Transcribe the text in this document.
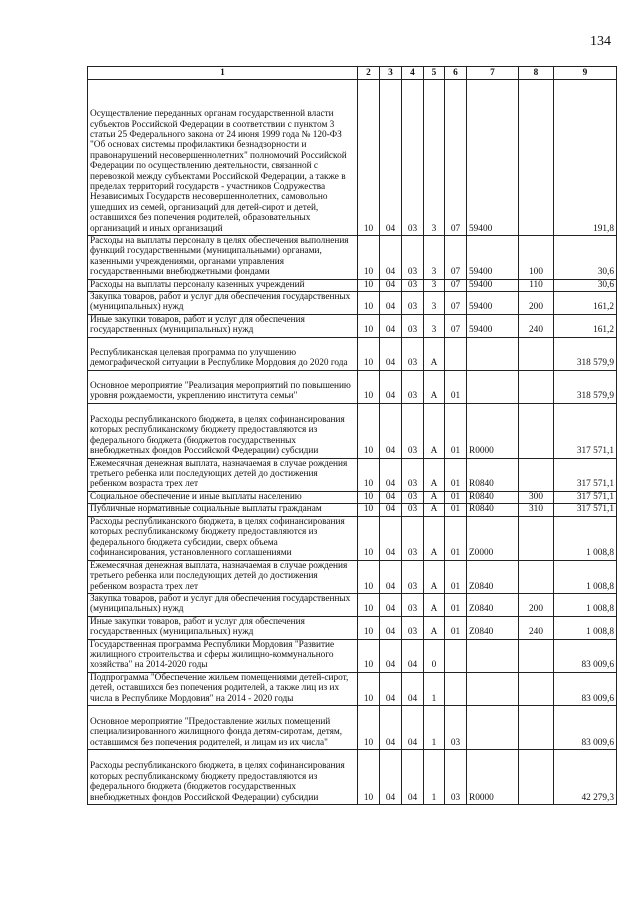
134
1	2	3	4	5	6	7	8	9
Осуществление переданных органам государственной власти субъектов Российской Федерации в соответствии с пунктом 3 статьи 25 Федерального закона от 24 июня 1999 года № 120-ФЗ "Об основах системы профилактики безнадзорности и правонарушений несовершеннолетних" полномочий Российской Федерации по осуществлению деятельности, связанной с перевозкой между субъектами Российской Федерации, а также в пределах территорий государств - участников Содружества Независимых Государств несовершеннолетних, самовольно ушедших из семей, организаций для детей-сирот и детей, оставшихся без попечения родителей, образовательных организаций и иных организаций	10	04	03	3	07	59400		191,8
Расходы на выплаты персоналу в целях обеспечения выполнения функций государственными (муниципальными) органами, казенными учреждениями, органами управления государственными внебюджетными фондами	10	04	03	3	07	59400	100	30,6
Расходы на выплаты персоналу казенных учреждений	10	04	03	3	07	59400	110	30,6
Закупка товаров, работ и услуг для обеспечения государственных (муниципальных) нужд	10	04	03	3	07	59400	200	161,2
Иные закупки товаров, работ и услуг для обеспечения государственных (муниципальных) нужд	10	04	03	3	07	59400	240	161,2
Республиканская целевая программа по улучшению демографической ситуации в Республике Мордовия до 2020 года	10	04	03	А				318 579,9
Основное мероприятие "Реализация мероприятий по повышению уровня рождаемости, укреплению института семьи"	10	04	03	А	01			318 579,9
Расходы республиканского бюджета, в целях софинансирования которых республиканскому бюджету предоставляются из федерального бюджета (бюджетов государственных внебюджетных фондов Российской Федерации) субсидии	10	04	03	А	01	R0000		317 571,1
Ежемесячная денежная выплата, назначаемая в случае рождения третьего ребенка или последующих детей до достижения ребенком возраста трех лет	10	04	03	А	01	R0840		317 571,1
Социальное обеспечение и иные выплаты населению	10	04	03	А	01	R0840	300	317 571,1
Публичные нормативные социальные выплаты гражданам	10	04	03	А	01	R0840	310	317 571,1
Расходы республиканского бюджета, в целях софинансирования которых республиканскому бюджету предоставляются из федерального бюджета субсидии, сверх объема софинансирования, установленного соглашениями	10	04	03	А	01	Z0000		1 008,8
Ежемесячная денежная выплата, назначаемая в случае рождения третьего ребенка или последующих детей до достижения ребенком возраста трех лет	10	04	03	А	01	Z0840		1 008,8
Закупка товаров, работ и услуг для обеспечения государственных (муниципальных) нужд	10	04	03	А	01	Z0840	200	1 008,8
Иные закупки товаров, работ и услуг для обеспечения государственных (муниципальных) нужд	10	04	03	А	01	Z0840	240	1 008,8
Государственная программа Республики Мордовия "Развитие жилищного строительства и сферы жилищно-коммунального хозяйства" на 2014-2020 годы	10	04	04	0				83 009,6
Подпрограмма "Обеспечение жильем помещениями детей-сирот, детей, оставшихся без попечения родителей, а также лиц из их числа в Республике Мордовия" на 2014 - 2020 годы	10	04	04	1				83 009,6
Основное мероприятие "Предоставление жилых помещений специализированного жилищного фонда детям-сиротам, детям, оставшимся без попечения родителей, и лицам из их числа"	10	04	04	1	03			83 009,6
Расходы республиканского бюджета, в целях софинансирования которых республиканскому бюджету предоставляются из федерального бюджета (бюджетов государственных внебюджетных фондов Российской Федерации) субсидии	10	04	04	1	03	R0000		42 279,3
